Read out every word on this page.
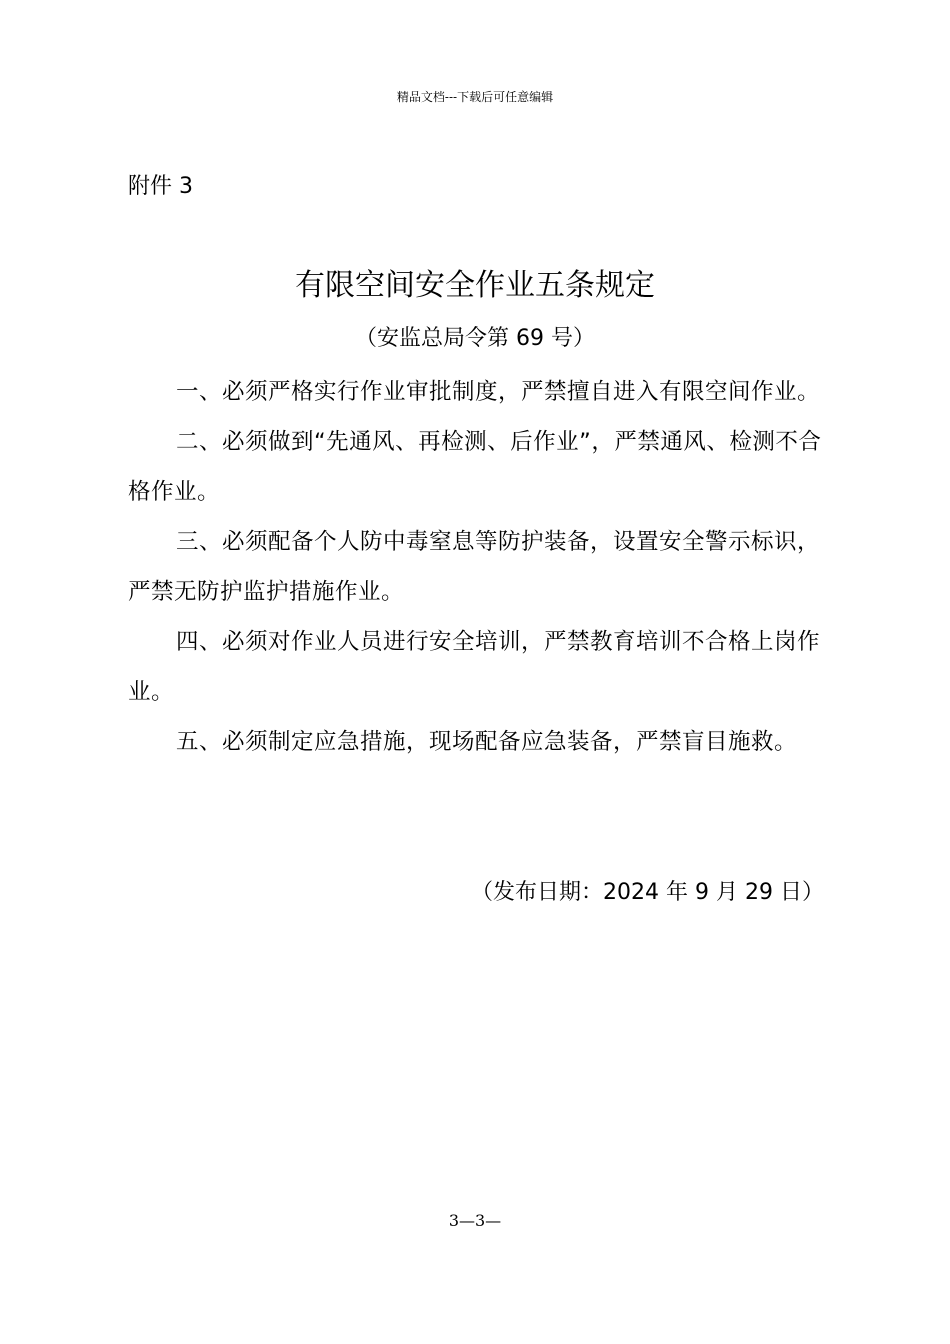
精品文档---下载后可任意编辑
附件 3
有限空间安全作业五条规定
（安监总局令第 69 号）

一、必须严格实行作业审批制度，严禁擅自进入有限空间作业。

二、必须做到“先通风、再检测、后作业”，严禁通风、检测不合格作业。

三、必须配备个人防中毒窒息等防护装备，设置安全警示标识，严禁无防护监护措施作业。

四、必须对作业人员进行安全培训，严禁教育培训不合格上岗作业。

五、必须制定应急措施，现场配备应急装备，严禁盲目施救。

（发布日期：2024 年 9 月 29 日）
3—3—
